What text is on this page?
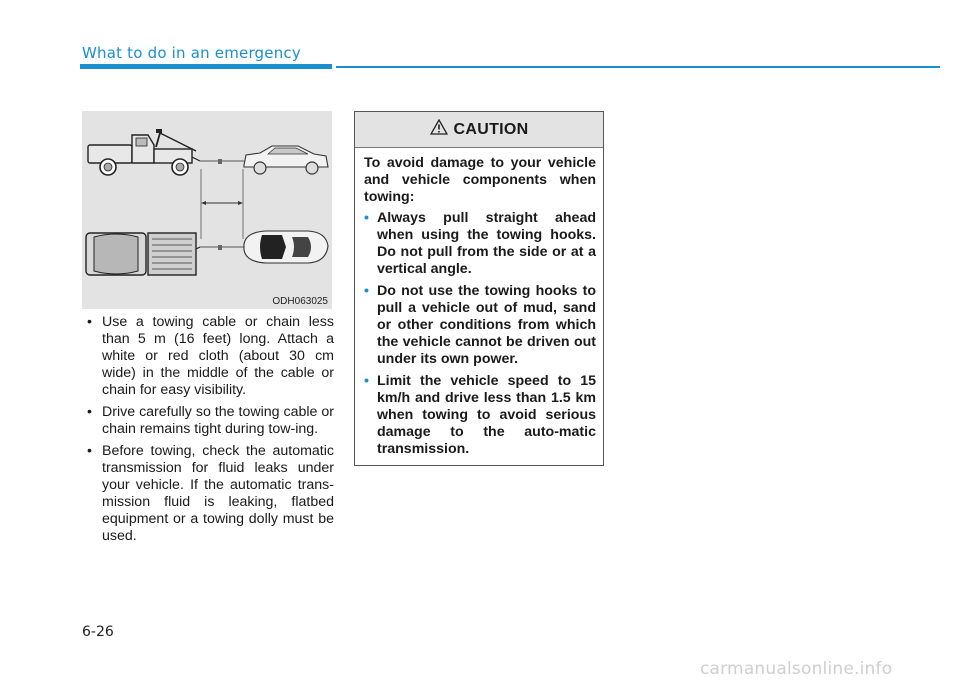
What to do in an emergency
ODH063025
• Use a towing cable or chain less than 5 m (16 feet) long. Attach a white or red cloth (about 30 cm wide) in the middle of the cable or chain for easy visibility.
• Drive carefully so the towing cable or chain remains tight during tow-ing.
• Before towing, check the automatic transmission for fluid leaks under your vehicle. If the automatic trans-mission fluid is leaking, flatbed equipment or a towing dolly must be used.
CAUTION

To avoid damage to your vehicle and vehicle components when towing:

• Always pull straight ahead when using the towing hooks. Do not pull from the side or at a vertical angle.
• Do not use the towing hooks to pull a vehicle out of mud, sand or other conditions from which the vehicle cannot be driven out under its own power.
• Limit the vehicle speed to 15 km/h and drive less than 1.5 km when towing to avoid serious damage to the auto-matic transmission.
6-26
carmanualsonline.info
